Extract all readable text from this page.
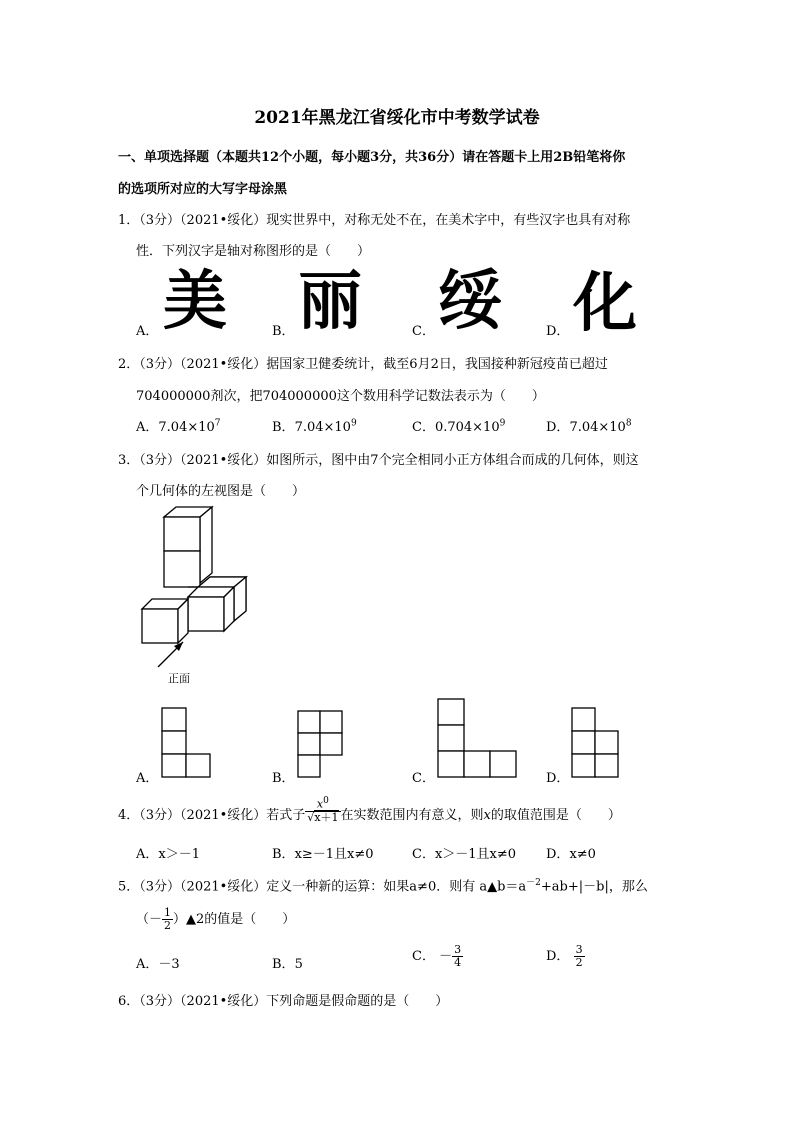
2021年黑龙江省绥化市中考数学试卷
一、单项选择题（本题共12个小题，每小题3分，共36分）请在答题卡上用2B铅笔将你
的选项所对应的大写字母涂黑
1．（3分）（2021•绥化）现实世界中，对称无处不在，在美术字中，有些汉字也具有对称
性．下列汉字是轴对称图形的是（　　）
A． 美	B． 丽	C． 绥	D． 化
2．（3分）（2021•绥化）据国家卫健委统计，截至6月2日，我国接种新冠疫苗已超过
704000000剂次，把704000000这个数用科学记数法表示为（　　）
A．$7.04\times 10^7$	B．$7.04\times 10^9$	C．$0.704\times 10^9$	D．$7.04\times 10^8$
3．（3分）（2021•绥化）如图所示，图中由7个完全相同小正方体组合而成的几何体，则这
个几何体的左视图是（　　）
正面
A．	B．	C．	D．
4．（3分）（2021•绥化）若式子 $\frac{x^0}{√x+1}$ 在实数范围内有意义，则x的取值范围是（　　）
A．x＞－1	B．x≥－1且x≠0	C．x＞－1且x≠0 D．x≠0
5．（3分）（2021•绥化）定义一种新的运算：如果a≠0．则有 $a▲b=a^{-2}+ab+|-b|$，那么
（－ $\frac{1}{2}$ ）▲2的值是（　　）
A．－3	B．5
C． － $\frac{3}{4}$	D． $\frac{3}{2}$
6．（3分）（2021•绥化）下列命题是假命题的是（　　）
